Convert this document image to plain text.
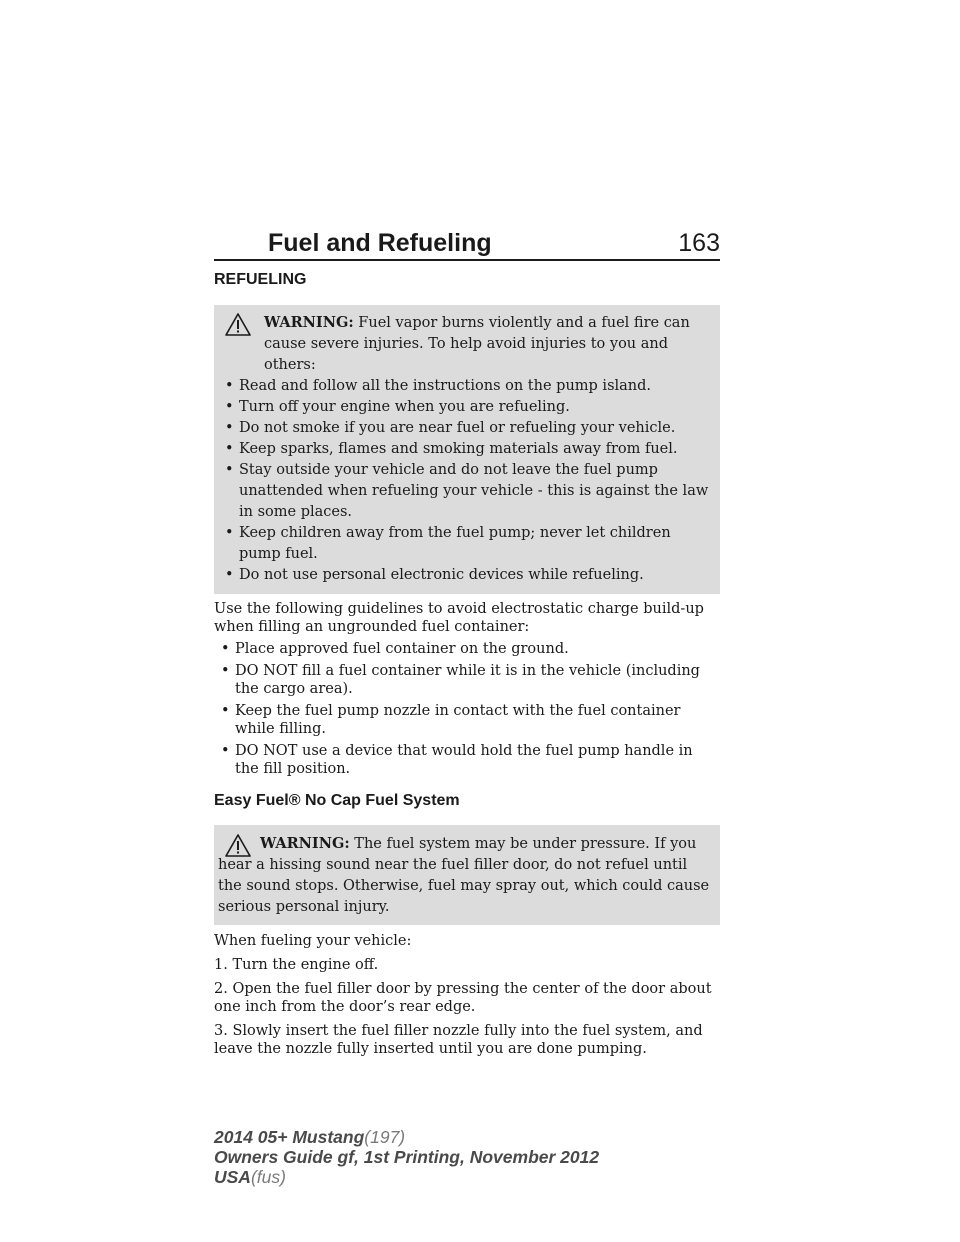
Fuel and Refueling	163
REFUELING
WARNING: Fuel vapor burns violently and a fuel fire can cause severe injuries. To help avoid injuries to you and others:
• Read and follow all the instructions on the pump island.
• Turn off your engine when you are refueling.
• Do not smoke if you are near fuel or refueling your vehicle.
• Keep sparks, flames and smoking materials away from fuel.
• Stay outside your vehicle and do not leave the fuel pump unattended when refueling your vehicle - this is against the law in some places.
• Keep children away from the fuel pump; never let children pump fuel.
• Do not use personal electronic devices while refueling.

Use the following guidelines to avoid electrostatic charge build-up when filling an ungrounded fuel container:

• Place approved fuel container on the ground.
• DO NOT fill a fuel container while it is in the vehicle (including the cargo area).
• Keep the fuel pump nozzle in contact with the fuel container while filling.
• DO NOT use a device that would hold the fuel pump handle in the fill position.
Easy Fuel® No Cap Fuel System
WARNING: The fuel system may be under pressure. If you hear a hissing sound near the fuel filler door, do not refuel until the sound stops. Otherwise, fuel may spray out, which could cause serious personal injury.

When fueling your vehicle:

1. Turn the engine off.

2. Open the fuel filler door by pressing the center of the door about one inch from the door’s rear edge.

3. Slowly insert the fuel filler nozzle fully into the fuel system, and leave the nozzle fully inserted until you are done pumping.

2014 05+ Mustang(197)
Owners Guide gf, 1st Printing, November 2012
USA(fus)
